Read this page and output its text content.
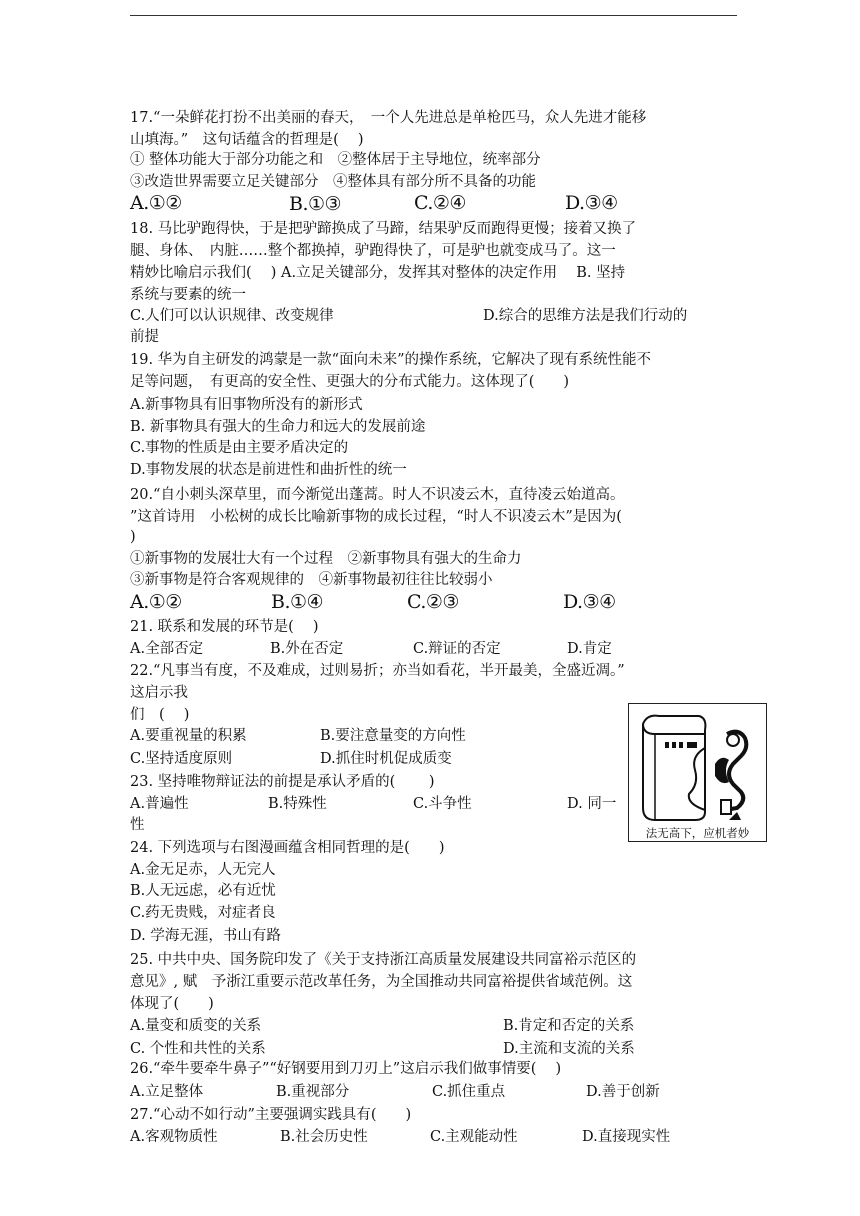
17.“一朵鲜花打扮不出美丽的春天，　一个人先进总是单枪匹马，众人先进才能移
山填海。”　这句话蕴含的哲理是(　 )
① 整体功能大于部分功能之和　②整体居于主导地位，统率部分
③改造世界需要立足关键部分　④整体具有部分所不具备的功能
A.①②	B.①③	C.②④	D.③④
18. 马比驴跑得快，于是把驴蹄换成了马蹄，结果驴反而跑得更慢；接着又换了
腿、身体、　内脏……整个都换掉，驴跑得快了，可是驴也就变成马了。这一
精妙比喻启示我们(　 ) A.立足关键部分，发挥其对整体的决定作用　 B. 坚持
系统与要素的统一
C.人们可以认识规律、改变规律	D.综合的思维方法是我们行动的
前提
19. 华为自主研发的鸿蒙是一款“面向未来”的操作系统，它解决了现有系统性能不
足等问题，　有更高的安全性、更强大的分布式能力。这体现了(　　)
A.新事物具有旧事物所没有的新形式
B. 新事物具有强大的生命力和远大的发展前途
C.事物的性质是由主要矛盾决定的
D.事物发展的状态是前进性和曲折性的统一
20.“自小刺头深草里，而今渐觉出蓬蒿。时人不识凌云木，直待凌云始道高。
”这首诗用　小松树的成长比喻新事物的成长过程，“时人不识凌云木”是因为(
)
①新事物的发展壮大有一个过程　②新事物具有强大的生命力
③新事物是符合客观规律的　④新事物最初往往比较弱小
A.①②	B.①④	C.②③	D.③④
21. 联系和发展的环节是(　 )
A.全部否定	B.外在否定	C.辩证的否定	D.肯定
22.“凡事当有度，不及难成，过则易折；亦当如看花，半开最美，全盛近凋。”
这启示我
们　(　 )
A.要重视量的积累	B.要注意量变的方向性
C.坚持适度原则	D.抓住时机促成质变
23. 坚持唯物辩证法的前提是承认矛盾的(　　 )
A.普遍性	B.特殊性	C.斗争性	D. 同一
性	法无高下，应机者妙
24. 下列选项与右图漫画蕴含相同哲理的是(　　)
A.金无足赤，人无完人
B.人无远虑，必有近忧
C.药无贵贱，对症者良
D. 学海无涯，书山有路
25. 中共中央、国务院印发了《关于支持浙江高质量发展建设共同富裕示范区的
意见》, 赋　予浙江重要示范改革任务，为全国推动共同富裕提供省域范例。这
体现了(　　)
A.量变和质变的关系	B.肯定和否定的关系
C. 个性和共性的关系	D.主流和支流的关系
26.“牵牛要牵牛鼻子”“好钢要用到刀刃上”这启示我们做事情要(　 )
A.立足整体	B.重视部分	C.抓住重点	D.善于创新
27.“心动不如行动”主要强调实践具有(　　)
A.客观物质性	B.社会历史性	C.主观能动性	D.直接现实性
